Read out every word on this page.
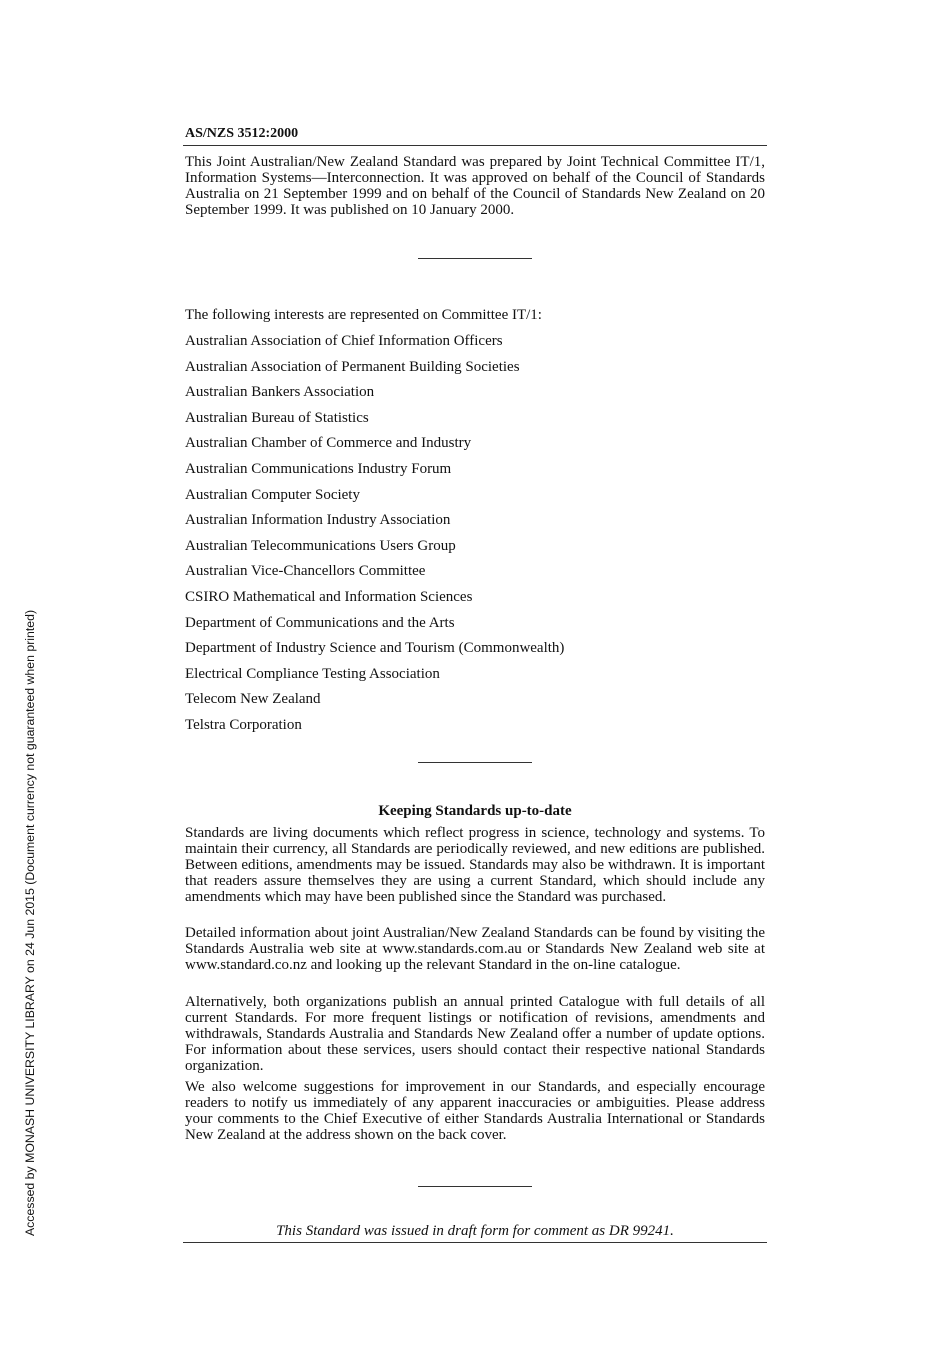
Accessed by MONASH UNIVERSITY LIBRARY on 24 Jun 2015 (Document currency not guaranteed when printed)
AS/NZS 3512:2000
This Joint Australian/New Zealand Standard was prepared by Joint Technical Committee IT/1, Information Systems—Interconnection. It was approved on behalf of the Council of Standards Australia on 21 September 1999 and on behalf of the Council of Standards New Zealand on 20 September 1999. It was published on 10 January 2000.
The following interests are represented on Committee IT/1:
Australian Association of Chief Information Officers
Australian Association of Permanent Building Societies
Australian Bankers Association
Australian Bureau of Statistics
Australian Chamber of Commerce and Industry
Australian Communications Industry Forum
Australian Computer Society
Australian Information Industry Association
Australian Telecommunications Users Group
Australian Vice-Chancellors Committee
CSIRO Mathematical and Information Sciences
Department of Communications and the Arts
Department of Industry Science and Tourism (Commonwealth)
Electrical Compliance Testing Association
Telecom New Zealand
Telstra Corporation
Keeping Standards up-to-date
Standards are living documents which reflect progress in science, technology and systems. To maintain their currency, all Standards are periodically reviewed, and new editions are published. Between editions, amendments may be issued. Standards may also be withdrawn. It is important that readers assure themselves they are using a current Standard, which should include any amendments which may have been published since the Standard was purchased.
Detailed information about joint Australian/New Zealand Standards can be found by visiting the Standards Australia web site at www.standards.com.au or Standards New Zealand web site at www.standard.co.nz and looking up the relevant Standard in the on-line catalogue.
Alternatively, both organizations publish an annual printed Catalogue with full details of all current Standards. For more frequent listings or notification of revisions, amendments and withdrawals, Standards Australia and Standards New Zealand offer a number of update options. For information about these services, users should contact their respective national Standards organization.
We also welcome suggestions for improvement in our Standards, and especially encourage readers to notify us immediately of any apparent inaccuracies or ambiguities. Please address your comments to the Chief Executive of either Standards Australia International or Standards New Zealand at the address shown on the back cover.
This Standard was issued in draft form for comment as DR 99241.
